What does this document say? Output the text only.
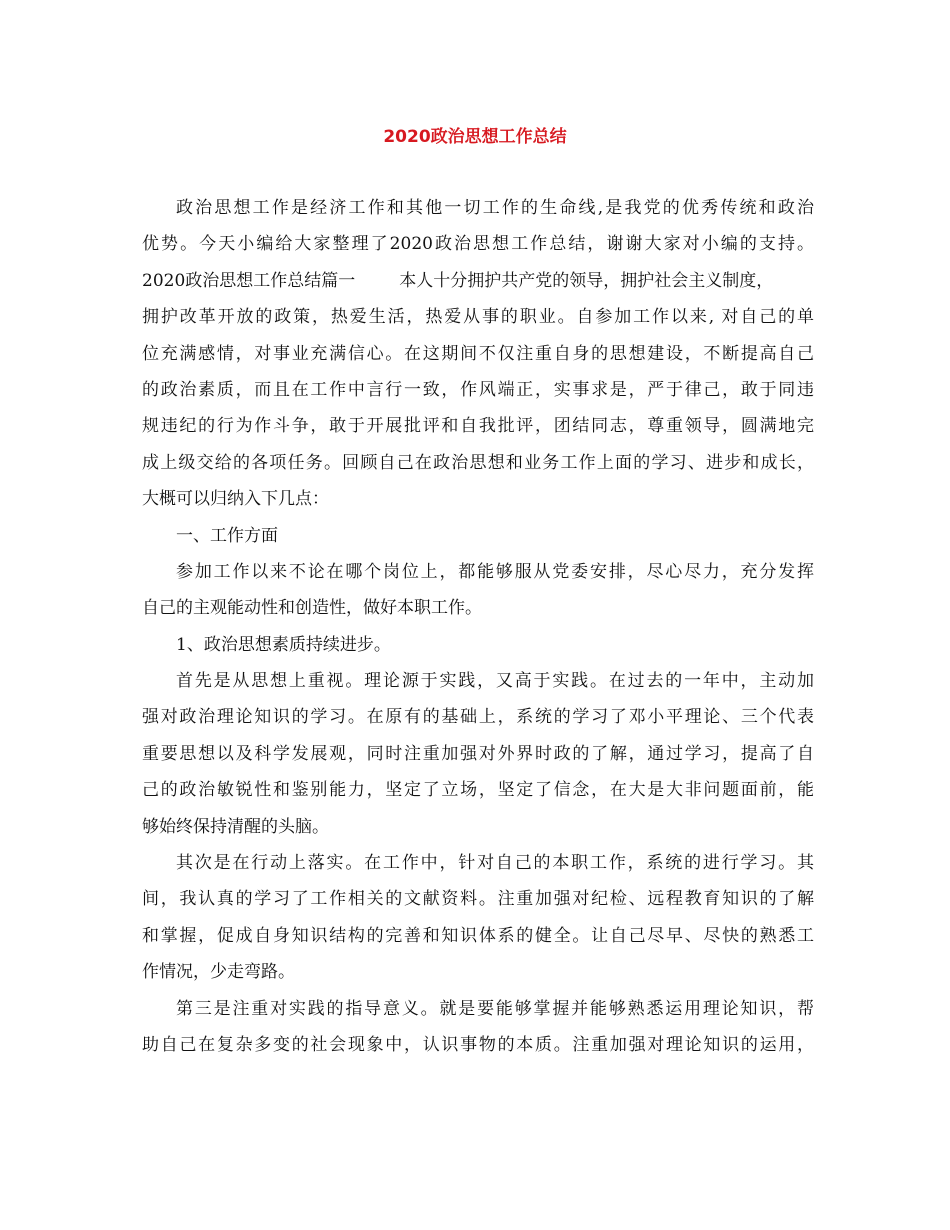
2020政治思想工作总结
政治思想工作是经济工作和其他一切工作的生命线,是我党的优秀传统和政治
优势。今天小编给大家整理了2020政治思想工作总结，谢谢大家对小编的支持。
2020政治思想工作总结篇一	本人十分拥护共产党的领导，拥护社会主义制度，
拥护改革开放的政策，热爱生活，热爱从事的职业。自参加工作以来, 对自己的单
位充满感情，对事业充满信心。在这期间不仅注重自身的思想建设，不断提高自己
的政治素质，而且在工作中言行一致，作风端正，实事求是，严于律己，敢于同违
规违纪的行为作斗争，敢于开展批评和自我批评，团结同志，尊重领导，圆满地完
成上级交给的各项任务。回顾自己在政治思想和业务工作上面的学习、进步和成长，
大概可以归纳入下几点：
一、工作方面
参加工作以来不论在哪个岗位上，都能够服从党委安排，尽心尽力，充分发挥
自己的主观能动性和创造性，做好本职工作。
1、政治思想素质持续进步。
首先是从思想上重视。理论源于实践，又高于实践。在过去的一年中，主动加
强对政治理论知识的学习。在原有的基础上，系统的学习了邓小平理论、三个代表
重要思想以及科学发展观，同时注重加强对外界时政的了解，通过学习，提高了自
己的政治敏锐性和鉴别能力，坚定了立场，坚定了信念，在大是大非问题面前，能
够始终保持清醒的头脑。
其次是在行动上落实。在工作中，针对自己的本职工作，系统的进行学习。其
间，我认真的学习了工作相关的文献资料。注重加强对纪检、远程教育知识的了解
和掌握，促成自身知识结构的完善和知识体系的健全。让自己尽早、尽快的熟悉工
作情况，少走弯路。
第三是注重对实践的指导意义。就是要能够掌握并能够熟悉运用理论知识，帮
助自己在复杂多变的社会现象中，认识事物的本质。注重加强对理论知识的运用，
